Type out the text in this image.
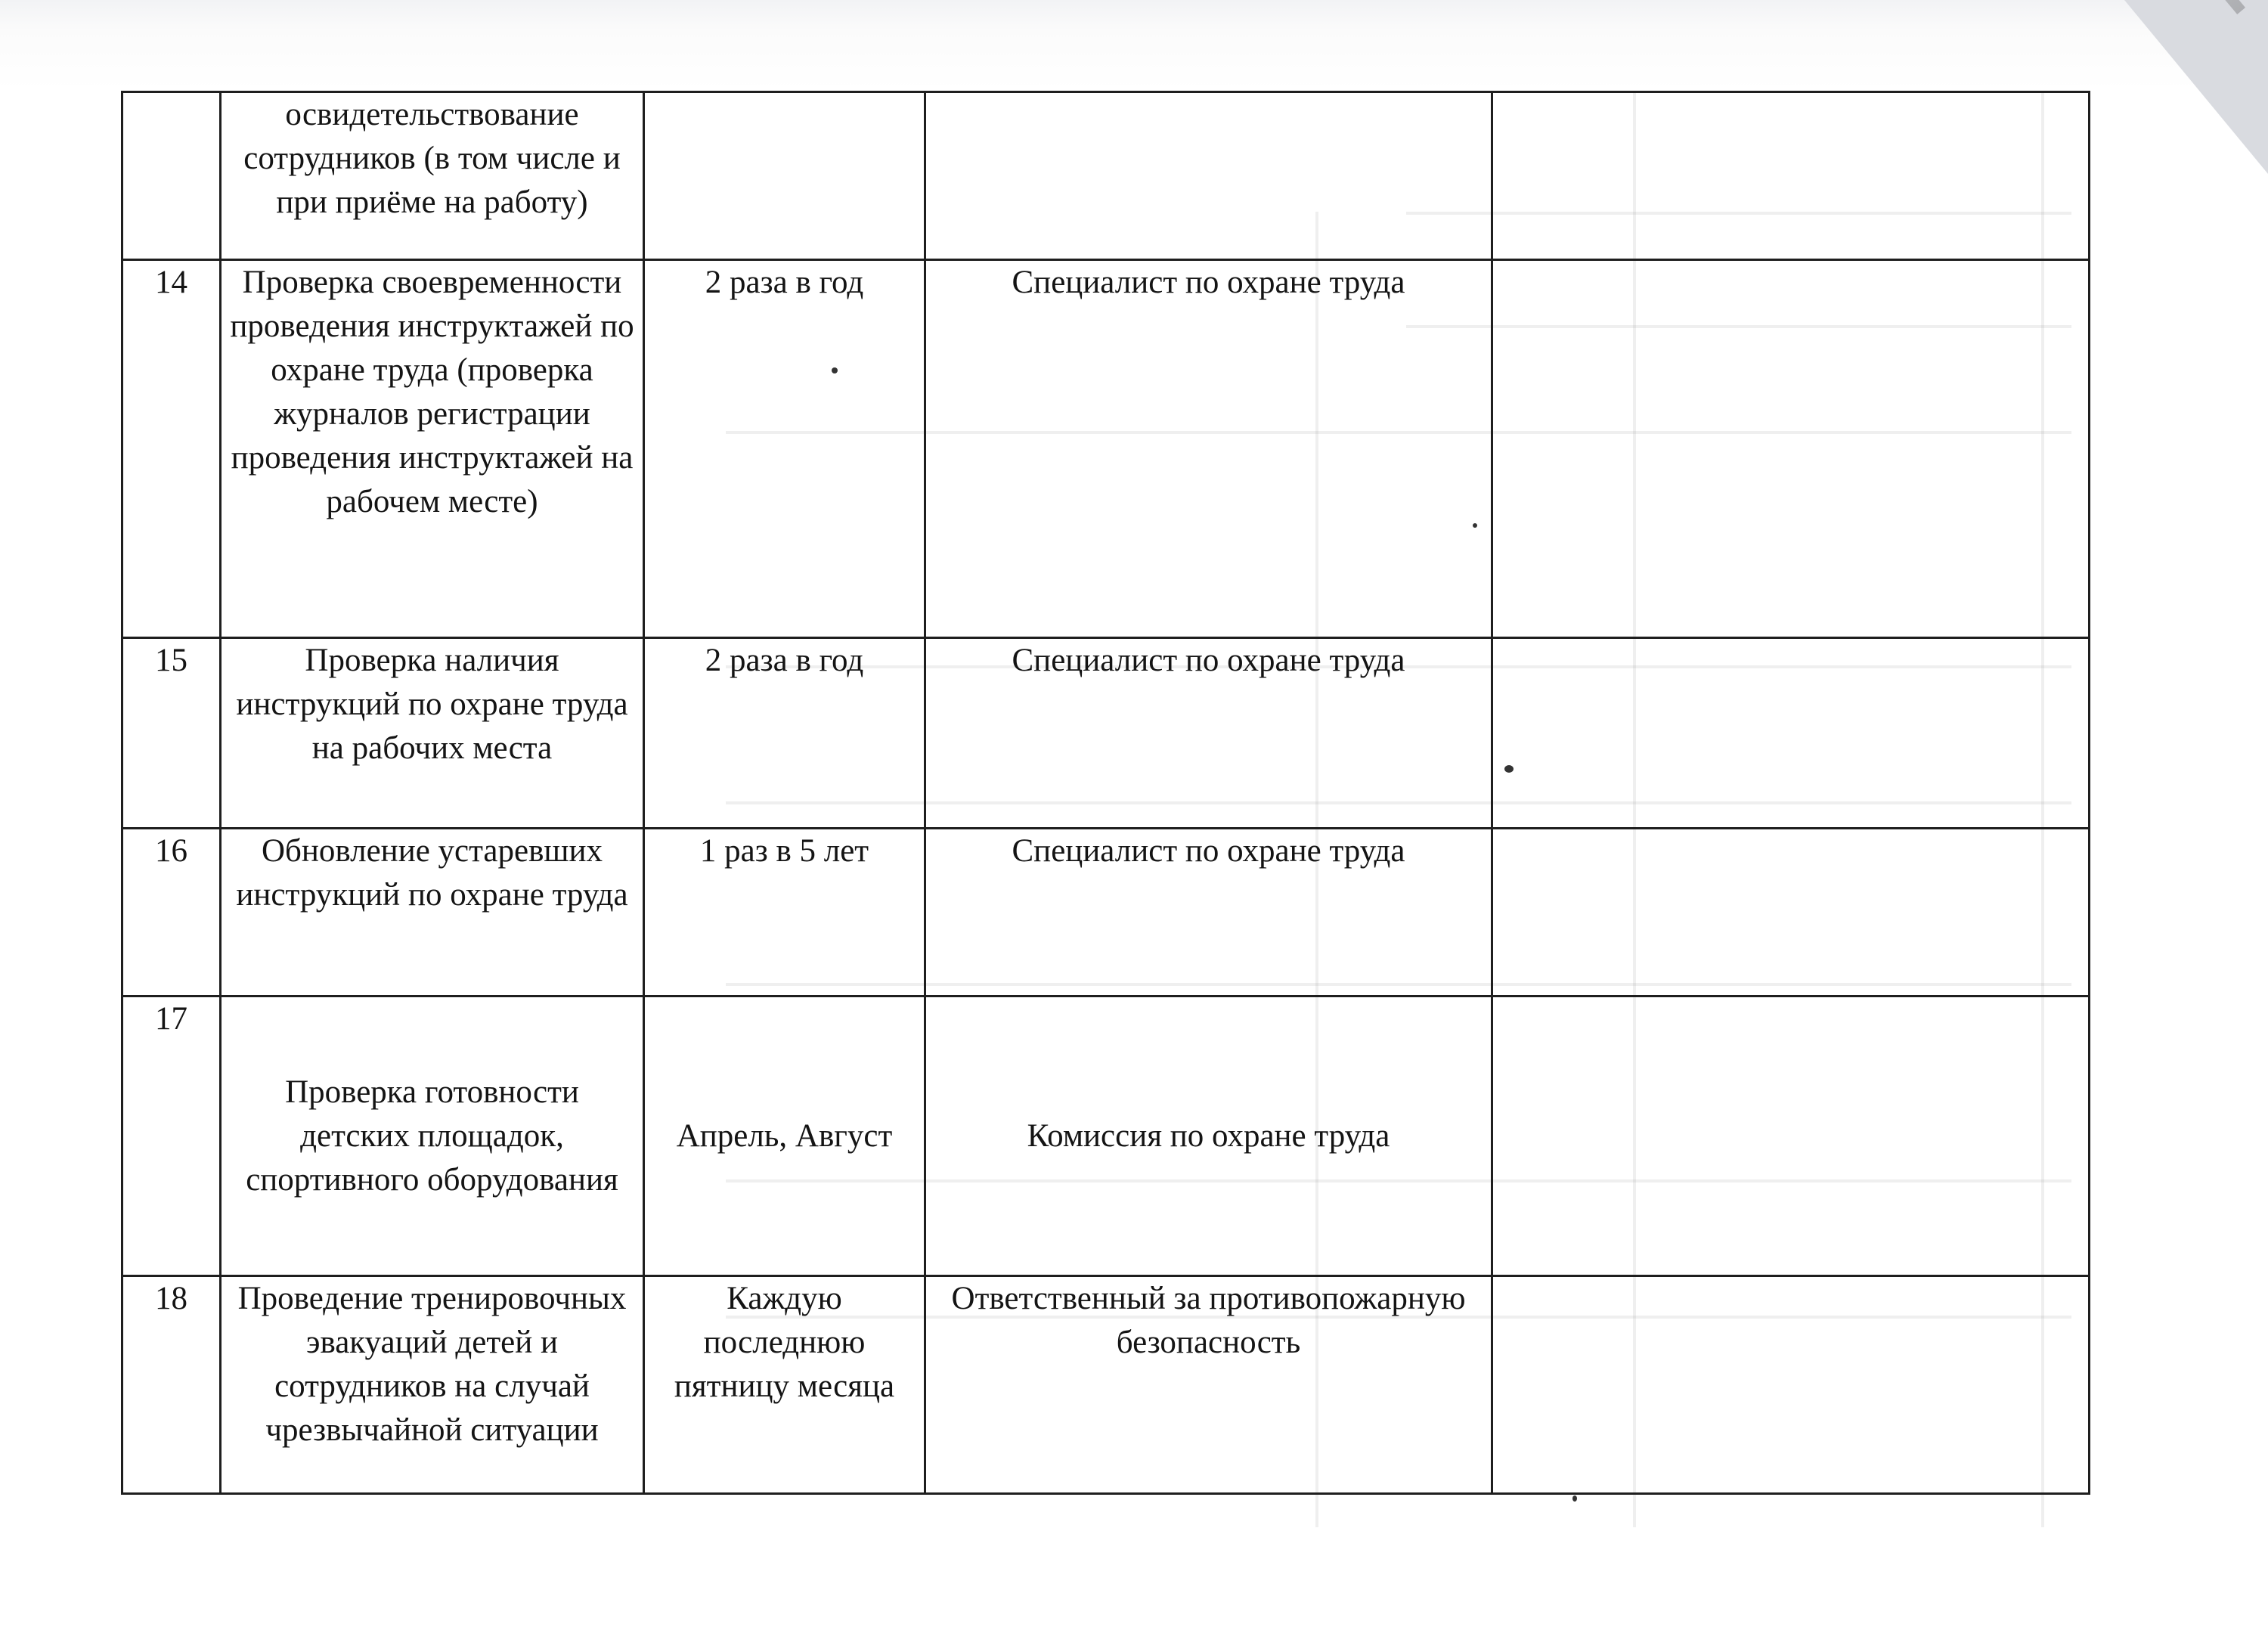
	освидетельствование сотрудников (в том числе и при приёме на работу)			
14	Проверка своевременности проведения инструктажей по охране труда (проверка журналов регистрации проведения инструктажей на рабочем месте)	2 раза в год	Специалист по охране труда	
15	Проверка наличия инструкций по охране труда на рабочих места	2 раза в год	Специалист по охране труда	
16	Обновление устаревших инструкций по охране труда	1 раз в 5 лет	Специалист по охране труда	
17	Проверка готовности детских площадок, спортивного оборудования	Апрель, Август	Комиссия по охране труда	
18	Проведение тренировочных эвакуаций детей и сотрудников на случай чрезвычайной ситуации	Каждую последнюю пятницу месяца	Ответственный за противопожарную безопасность	
